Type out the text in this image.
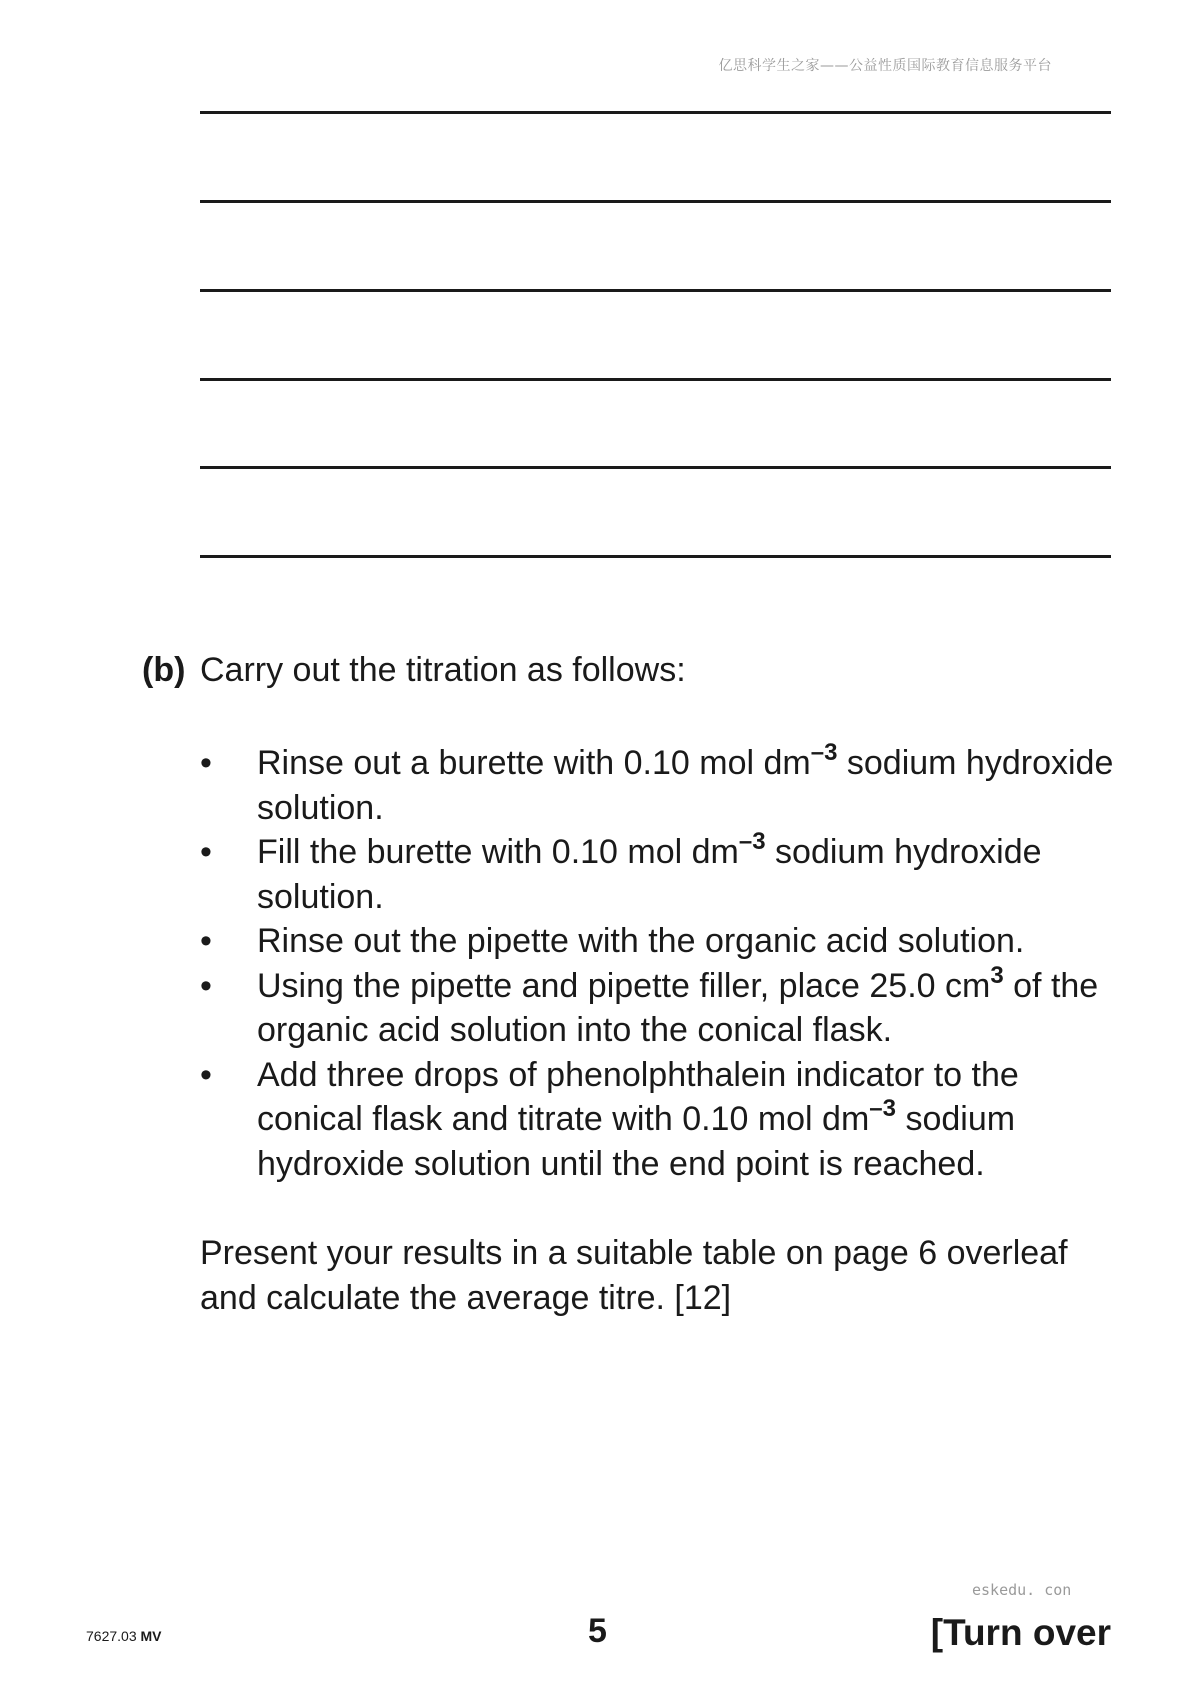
亿思科学生之家——公益性质国际教育信息服务平台
(b) Carry out the titration as follows:
• Rinse out a burette with 0.10 mol $dm^{-3}$ sodium hydroxide solution.
• Fill the burette with 0.10 mol $dm^{-3}$ sodium hydroxide solution.
• Rinse out the pipette with the organic acid solution.
• Using the pipette and pipette filler, place 25.0 $cm^3$ of the organic acid solution into the conical flask.
• Add three drops of phenolphthalein indicator to the conical flask and titrate with 0.10 mol $dm^{-3}$ sodium hydroxide solution until the end point is reached.
Present your results in a suitable table on page 6 overleaf and calculate the average titre. [12]
eskedu. con
7627.03 MV	5	[Turn over
